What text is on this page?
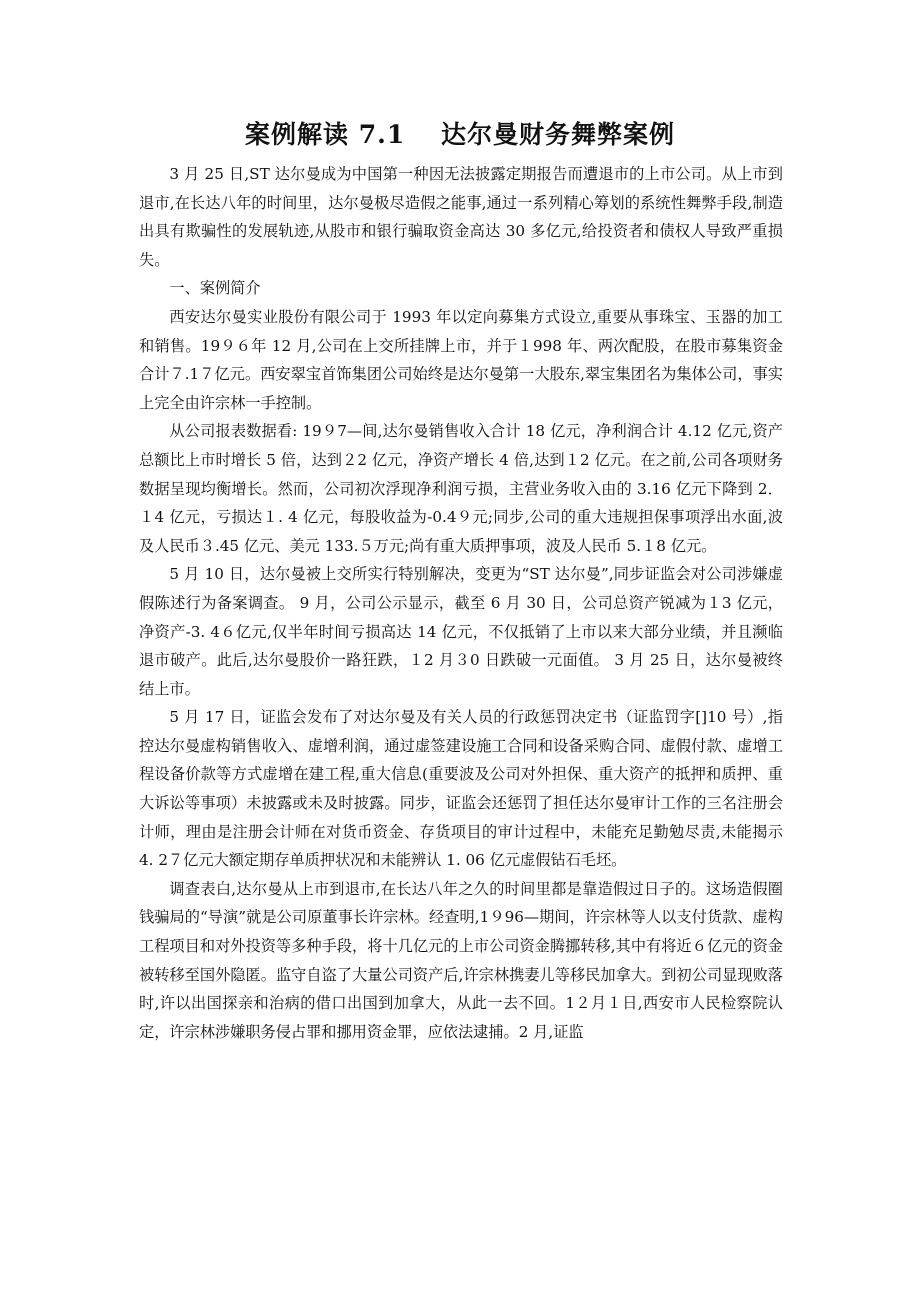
案例解读 7.1　 达尔曼财务舞弊案例

3 月 25 日,ST 达尔曼成为中国第一种因无法披露定期报告而遭退市的上市公司。从上市到退市,在长达八年的时间里，达尔曼极尽造假之能事,通过一系列精心筹划的系统性舞弊手段,制造出具有欺骗性的发展轨迹,从股市和银行骗取资金高达 30 多亿元,给投资者和债权人导致严重损失。

一、案例简介

西安达尔曼实业股份有限公司于 1993 年以定向募集方式设立,重要从事珠宝、玉器的加工和销售。19９６年 12 月,公司在上交所挂牌上市，并于１998 年、两次配股，在股市募集资金合计７.1７亿元。西安翠宝首饰集团公司始终是达尔曼第一大股东,翠宝集团名为集体公司，事实上完全由许宗林一手控制。

从公司报表数据看: 19９7—间,达尔曼销售收入合计 18 亿元，净利润合计 4.12 亿元,资产总额比上市时增长 5 倍，达到２2 亿元，净资产增长 4 倍,达到１2 亿元。在之前,公司各项财务数据呈现均衡增长。然而，公司初次浮现净利润亏损，主营业务收入由的 3.16 亿元下降到 2．１4 亿元，亏损达１. 4 亿元，每股收益为-0.4９元;同步,公司的重大违规担保事项浮出水面,波及人民币３.45 亿元、美元 133.５万元;尚有重大质押事项，波及人民币 5.１8 亿元。

5 月 10 日，达尔曼被上交所实行特别解决，变更为“ST 达尔曼”,同步证监会对公司涉嫌虚假陈述行为备案调查。 9 月，公司公示显示，截至 6 月 30 日，公司总资产锐减为１3 亿元，净资产-3. 4６亿元,仅半年时间亏损高达 14 亿元，不仅抵销了上市以来大部分业绩，并且濒临退市破产。此后,达尔曼股价一路狂跌，１2 月３0 日跌破一元面值。 3 月 25 日，达尔曼被终结上市。

5 月 17 日，证监会发布了对达尔曼及有关人员的行政惩罚决定书（证监罚字[]10 号）,指控达尔曼虚构销售收入、虚增利润，通过虚签建设施工合同和设备采购合同、虚假付款、虚增工程设备价款等方式虚增在建工程,重大信息(重要波及公司对外担保、重大资产的抵押和质押、重大诉讼等事项）未披露或未及时披露。同步，证监会还惩罚了担任达尔曼审计工作的三名注册会计师，理由是注册会计师在对货币资金、存货项目的审计过程中，未能充足勤勉尽责,未能揭示 4. 2７亿元大额定期存单质押状况和未能辨认 1. 06 亿元虚假钻石毛坯。

调查表白,达尔曼从上市到退市,在长达八年之久的时间里都是靠造假过日子的。这场造假圈钱骗局的“导演”就是公司原董事长许宗林。经查明,1９96—期间，许宗林等人以支付货款、虚构工程项目和对外投资等多种手段，将十几亿元的上市公司资金腾挪转移,其中有将近６亿元的资金被转移至国外隐匿。监守自盗了大量公司资产后,许宗林携妻儿等移民加拿大。到初公司显现败落时,许以出国探亲和治病的借口出国到加拿大，从此一去不回。1２月１日,西安市人民检察院认定，许宗林涉嫌职务侵占罪和挪用资金罪，应依法逮捕。2 月,证监
